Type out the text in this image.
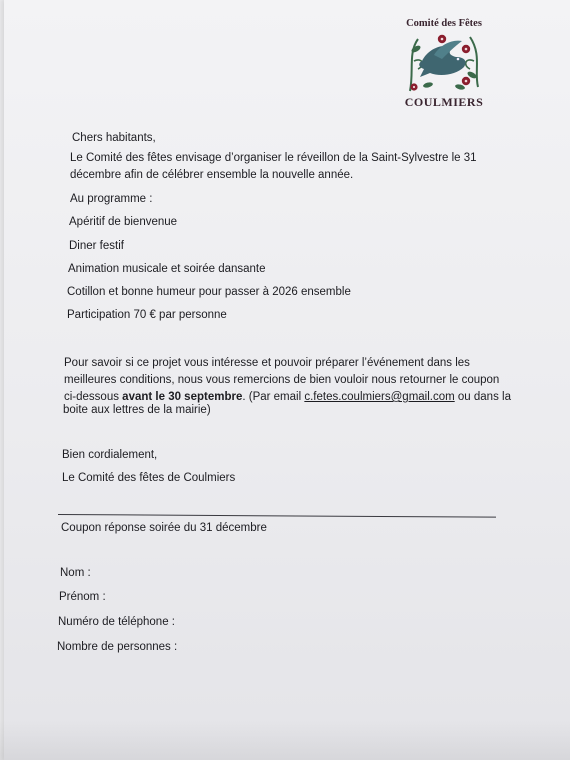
Comité des Fêtes
COULMIERS
Chers habitants,
Le Comité des fêtes envisage d’organiser le réveillon de la Saint-Sylvestre le 31
décembre afin de célébrer ensemble la nouvelle année.
Au programme :
Apéritif de bienvenue
Diner festif
Animation musicale et soirée dansante
Cotillon et bonne humeur pour passer à 2026 ensemble
Participation 70 € par personne
Pour savoir si ce projet vous intéresse et pouvoir préparer l’événement dans les
meilleures conditions, nous vous remercions de bien vouloir nous retourner le coupon
ci-dessous avant le 30 septembre. (Par email c.fetes.coulmiers@gmail.com ou dans la
boite aux lettres de la mairie)
Bien cordialement,
Le Comité des fêtes de Coulmiers
Coupon réponse soirée du 31 décembre
Nom :
Prénom :
Numéro de téléphone :
Nombre de personnes :
